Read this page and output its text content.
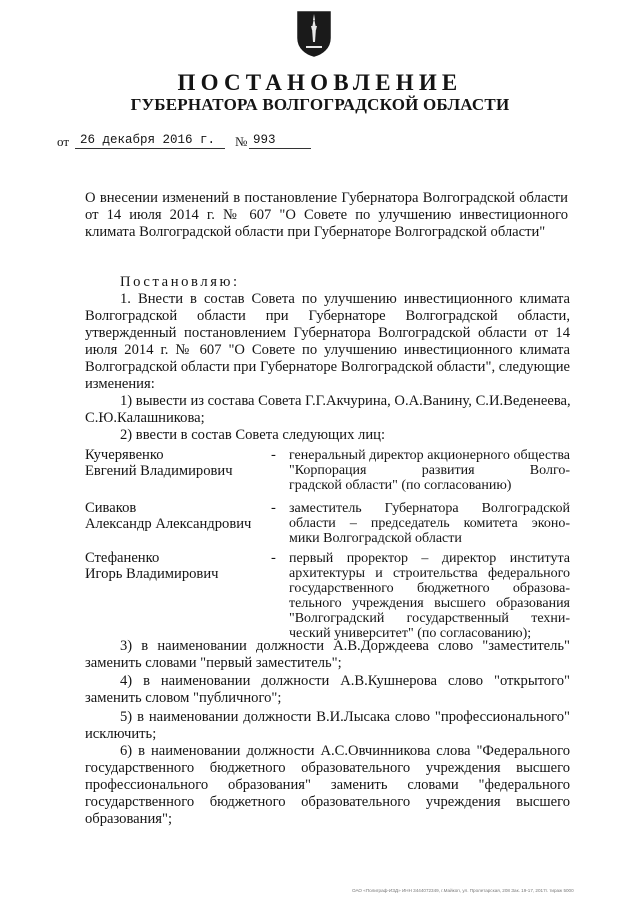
ПОСТАНОВЛЕНИЕ
ГУБЕРНАТОРА ВОЛГОГРАДСКОЙ ОБЛАСТИ
от 26 декабря 2016 г. № 993
О внесении изменений в постановление Губернатора Волгоградской области от 14 июля 2014 г. № 607 "О Совете по улучшению инвестиционного климата Волгоградской области при Губернаторе Волгоградской области"
Постановляю:
1. Внести в состав Совета по улучшению инвестиционного климата Волгоградской области при Губернаторе Волгоградской области, утвержденный постановлением Губернатора Волгоградской области от 14 июля 2014 г. № 607 "О Совете по улучшению инвестиционного климата Волгоградской области при Губернаторе Волгоградской области", следующие изменения:
1) вывести из состава Совета Г.Г.Акчурина, О.А.Ванину, С.И.Веденеева,
С.Ю.Калашникова;
2) ввести в состав Совета следующих лиц:
Кучерявенко
Евгений Владимирович
- генеральный директор акционерного общества "Корпорация развития Волго-
градской области" (по согласованию)
Сиваков
Александр Александрович
- заместитель Губернатора Волгоградской области – председатель комитета эконо-
мики Волгоградской области
Стефаненко
Игорь Владимирович
- первый проректор – директор института архитектуры и строительства федерального государственного бюджетного образова- тельного учреждения высшего образования "Волгоградский государственный техни-
ческий университет" (по согласованию);
3) в наименовании должности А.В.Дорждеева слово "заместитель"
заменить словами "первый заместитель";
4) в наименовании должности А.В.Кушнерова слово "открытого"
заменить словом "публичного";
5) в наименовании должности В.И.Лысака слово "профессионального"
исключить;
6) в наименовании должности А.С.Овчинникова слова "Федерального государственного бюджетного образовательного учреждения высшего профессионального образования" заменить словами "федерального государственного бюджетного образовательного учреждения высшего
образования";
ОАО «Полиграф-ИЗД» ИНН 3444072349, г.Майкоп, ул. Пролетарская, 208 Зак. 19-17, 2017г. тираж 5000
